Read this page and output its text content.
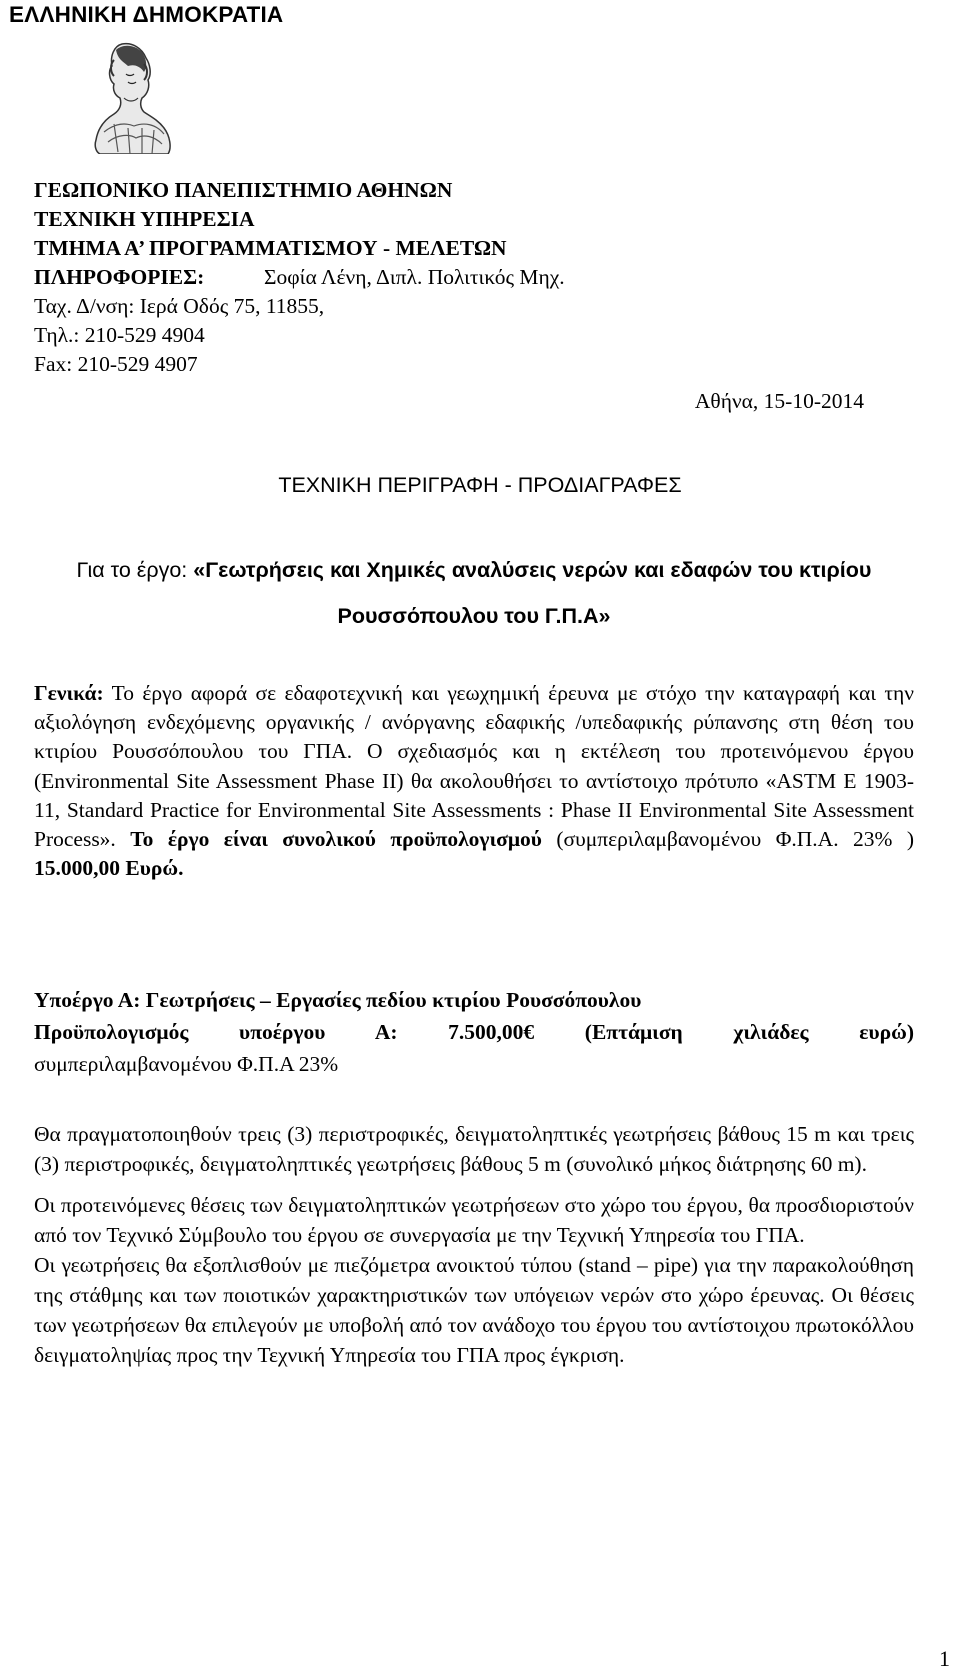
ΕΛΛΗΝΙΚΗ ΔΗΜΟΚΡΑΤΙΑ
ΓΕΩΠΟΝΙΚΟ ΠΑΝΕΠΙΣΤΗΜΙΟ ΑΘΗΝΩΝ
ΤΕΧΝΙΚΗ ΥΠΗΡΕΣΙΑ
ΤΜΗΜΑ Α’ ΠΡΟΓΡΑΜΜΑΤΙΣΜΟΥ - ΜΕΛΕΤΩΝ
ΠΛΗΡΟΦΟΡΙΕΣ:	Σοφία Λένη, Διπλ. Πολιτικός Μηχ.
Ταχ. Δ/νση: Ιερά Οδός 75, 11855,
Τηλ.: 210-529 4904
Fax: 210-529 4907
Αθήνα, 15-10-2014
ΤΕΧΝΙΚΗ ΠΕΡΙΓΡΑΦΗ - ΠΡΟΔΙΑΓΡΑΦΕΣ
Για το έργο: «Γεωτρήσεις και Χημικές αναλύσεις νερών και εδαφών του κτιρίου
Ρουσσόπουλου του Γ.Π.Α»

Γενικά: Το έργο αφορά σε εδαφοτεχνική και γεωχημική έρευνα με στόχο την καταγραφή και την αξιολόγηση ενδεχόμενης οργανικής / ανόργανης εδαφικής /υπεδαφικής ρύπανσης στη θέση του κτιρίου Ρουσσόπουλου του ΓΠΑ. Ο σχεδιασμός και η εκτέλεση του προτεινόμενου έργου (Environmental Site Assessment Phase II) θα ακολουθήσει το αντίστοιχο πρότυπο «ASTM E 1903-11, Standard Practice for Environmental Site Assessments : Phase II Environmental Site Assessment Process». Το έργο είναι συνολικού προϋπολογισμού (συμπεριλαμβανομένου Φ.Π.Α. 23% ) 15.000,00 Ευρώ.

Υποέργο Α: Γεωτρήσεις – Εργασίες πεδίου κτιρίου Ρουσσόπουλου

Προϋπολογισμός υποέργου Α: 7.500,00€ (Επτάμιση χιλιάδες ευρώ)

συμπεριλαμβανομένου Φ.Π.Α 23%

Θα πραγματοποιηθούν τρεις (3) περιστροφικές, δειγματοληπτικές γεωτρήσεις βάθους 15 m και τρεις (3) περιστροφικές, δειγματοληπτικές γεωτρήσεις βάθους 5 m (συνολικό μήκος διάτρησης 60 m).

Οι προτεινόμενες θέσεις των δειγματοληπτικών γεωτρήσεων στο χώρο του έργου, θα προσδιοριστούν από τον Τεχνικό Σύμβουλο του έργου σε συνεργασία με την Τεχνική Υπηρεσία του ΓΠΑ.

Οι γεωτρήσεις θα εξοπλισθούν με πιεζόμετρα ανοικτού τύπου (stand – pipe) για την παρακολούθηση της στάθμης και των ποιοτικών χαρακτηριστικών των υπόγειων νερών στο χώρο έρευνας. Οι θέσεις των γεωτρήσεων θα επιλεγούν με υποβολή από τον ανάδοχο του έργου του αντίστοιχου πρωτοκόλλου δειγματοληψίας προς την Τεχνική Υπηρεσία του ΓΠΑ προς έγκριση.

1
